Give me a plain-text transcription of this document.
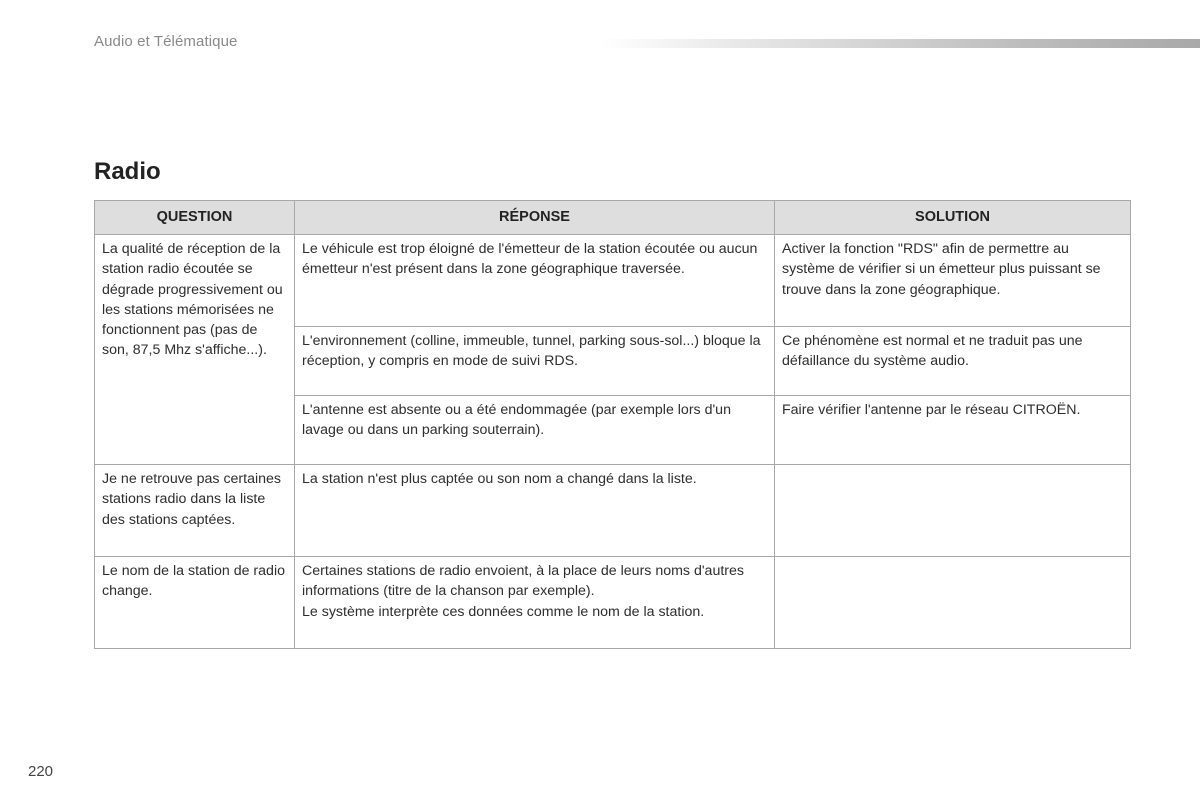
Audio et Télématique
Radio
QUESTION	RÉPONSE	SOLUTION
La qualité de réception de la station radio écoutée se dégrade progressivement ou les stations mémorisées ne fonctionnent pas (pas de son, 87,5 Mhz s'affiche...).	Le véhicule est trop éloigné de l'émetteur de la station écoutée ou aucun émetteur n'est présent dans la zone géographique traversée.	Activer la fonction "RDS" afin de permettre au système de vérifier si un émetteur plus puissant se trouve dans la zone géographique.
	L'environnement (colline, immeuble, tunnel, parking sous-sol...) bloque la réception, y compris en mode de suivi RDS.	Ce phénomène est normal et ne traduit pas une défaillance du système audio.
	L'antenne est absente ou a été endommagée (par exemple lors d'un lavage ou dans un parking souterrain).	Faire vérifier l'antenne par le réseau CITROËN.
Je ne retrouve pas certaines stations radio dans la liste des stations captées.	La station n'est plus captée ou son nom a changé dans la liste.	
Le nom de la station de radio change.	Certaines stations de radio envoient, à la place de leurs noms d'autres informations (titre de la chanson par exemple).
Le système interprète ces données comme le nom de la station.	

220
